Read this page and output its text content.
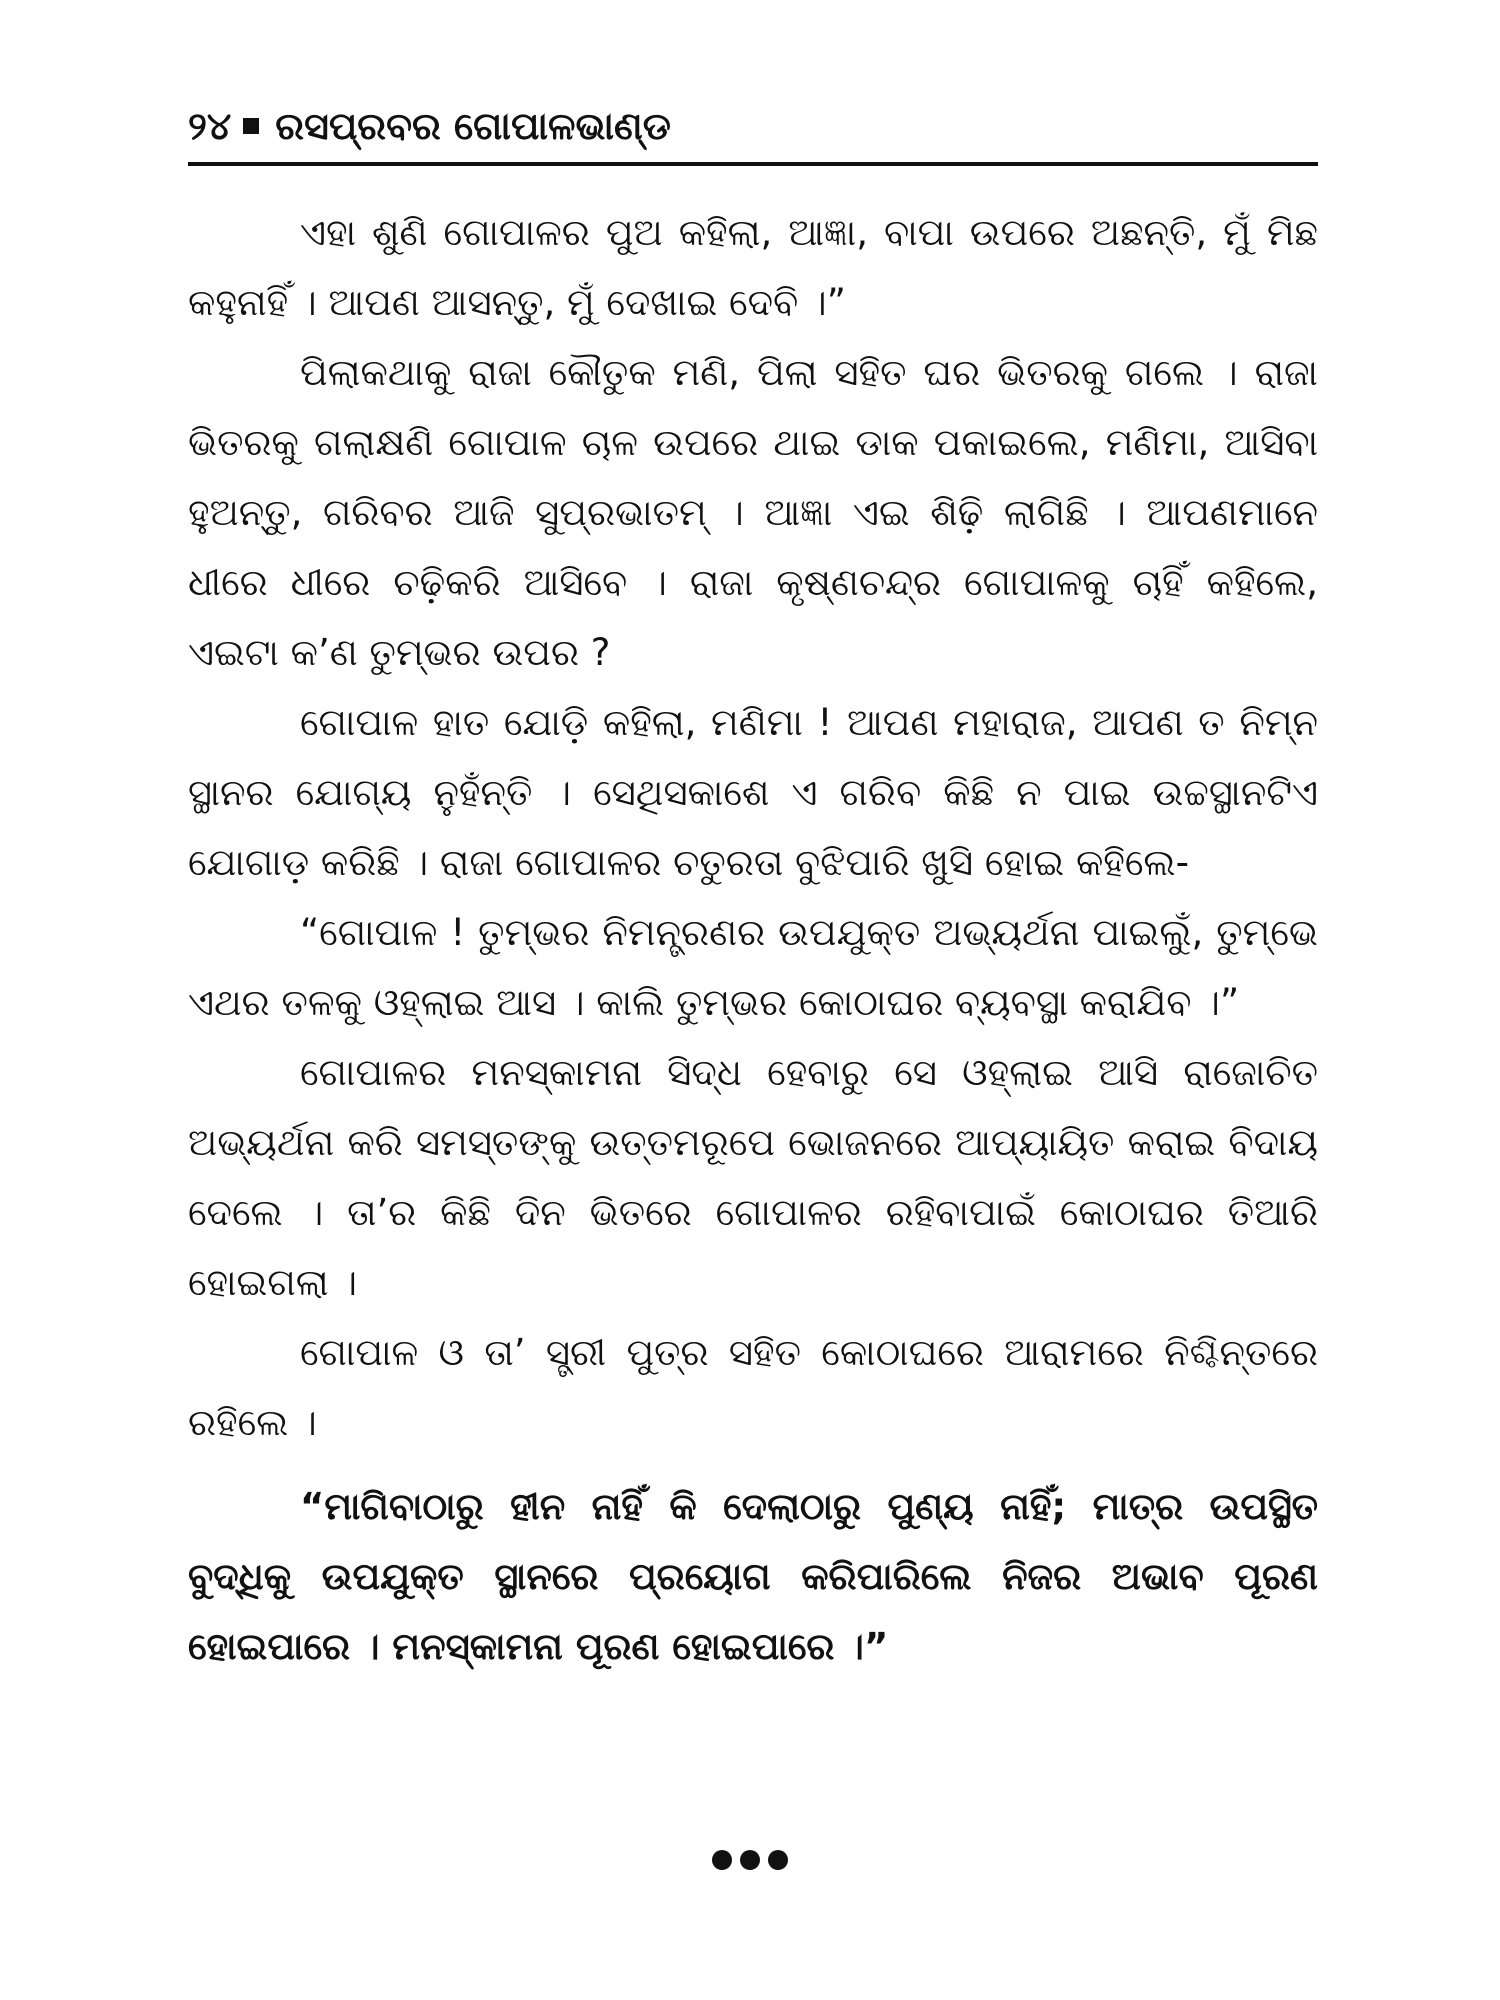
୨୪ ରସପ୍ରବର ଗୋପାଳଭାଣ୍ଡ

ଏହା ଶୁଣି ଗୋପାଳର ପୁଅ କହିଲା, ଆଜ୍ଞା, ବାପା ଉପରେ ଅଛନ୍ତି, ମୁଁ ମିଛ କହୁନାହିଁ । ଆପଣ ଆସନ୍ତୁ, ମୁଁ ଦେଖାଇ ଦେବି ।”

ପିଲାକଥାକୁ ରାଜା କୌତୁକ ମଣି, ପିଲା ସହିତ ଘର ଭିତରକୁ ଗଲେ । ରାଜା ଭିତରକୁ ଗଲାକ୍ଷଣି ଗୋପାଳ ଚାଳ ଉପରେ ଥାଇ ଡାକ ପକାଇଲେ, ମଣିମା, ଆସିବା ହୁଅନ୍ତୁ, ଗରିବର ଆଜି ସୁପ୍ରଭାତମ୍ । ଆଜ୍ଞା ଏଇ ଶିଢ଼ି ଲାଗିଛି । ଆପଣମାନେ ଧୀରେ ଧୀରେ ଚଢ଼ିକରି ଆସିବେ । ରାଜା କୃଷ୍ଣଚନ୍ଦ୍ର ଗୋପାଳକୁ ଚାହିଁ କହିଲେ, ଏଇଟା କ’ଣ ତୁମ୍ଭର ଉପର ?

ଗୋପାଳ ହାତ ଯୋଡ଼ି କହିଲା, ମଣିମା ! ଆପଣ ମହାରାଜ, ଆପଣ ତ ନିମ୍ନ ସ୍ଥାନର ଯୋଗ୍ୟ ନୁହଁନ୍ତି । ସେଥିସକାଶେ ଏ ଗରିବ କିଛି ନ ପାଇ ଉଚ୍ଚସ୍ଥାନଟିଏ ଯୋଗାଡ଼ କରିଛି । ରାଜା ଗୋପାଳର ଚତୁରତା ବୁଝିପାରି ଖୁସି ହୋଇ କହିଲେ-

“ଗୋପାଳ ! ତୁମ୍ଭର ନିମନ୍ତ୍ରଣର ଉପଯୁକ୍ତ ଅଭ୍ୟର୍ଥନା ପାଇଲୁଁ, ତୁମ୍ଭେ ଏଥର ତଳକୁ ଓହ୍ଲାଇ ଆସ । କାଲି ତୁମ୍ଭର କୋଠାଘର ବ୍ୟବସ୍ଥା କରାଯିବ ।”

ଗୋପାଳର ମନସ୍କାମନା ସିଦ୍ଧ ହେବାରୁ ସେ ଓହ୍ଲାଇ ଆସି ରାଜୋଚିତ ଅଭ୍ୟର୍ଥନା କରି ସମସ୍ତଙ୍କୁ ଉତ୍ତମରୂପେ ଭୋଜନରେ ଆପ୍ୟାୟିତ କରାଇ ବିଦାୟ ଦେଲେ । ତା’ର କିଛି ଦିନ ଭିତରେ ଗୋପାଳର ରହିବାପାଇଁ କୋଠାଘର ତିଆରି ହୋଇଗଲା ।

ଗୋପାଳ ଓ ତା’ ସ୍ତ୍ରୀ ପୁତ୍ର ସହିତ କୋଠାଘରେ ଆରାମରେ ନିଶ୍ଚିନ୍ତରେ ରହିଲେ ।

“ମାଗିବାଠାରୁ ହୀନ ନାହିଁ କି ଦେଲାଠାରୁ ପୁଣ୍ୟ ନାହିଁ; ମାତ୍ର ଉପସ୍ଥିତ ବୁଦ୍ଧିକୁ ଉପଯୁକ୍ତ ସ୍ଥାନରେ ପ୍ରୟୋଗ କରିପାରିଲେ ନିଜର ଅଭାବ ପୂରଣ ହୋଇପାରେ । ମନସ୍କାମନା ପୂରଣ ହୋଇପାରେ ।”
